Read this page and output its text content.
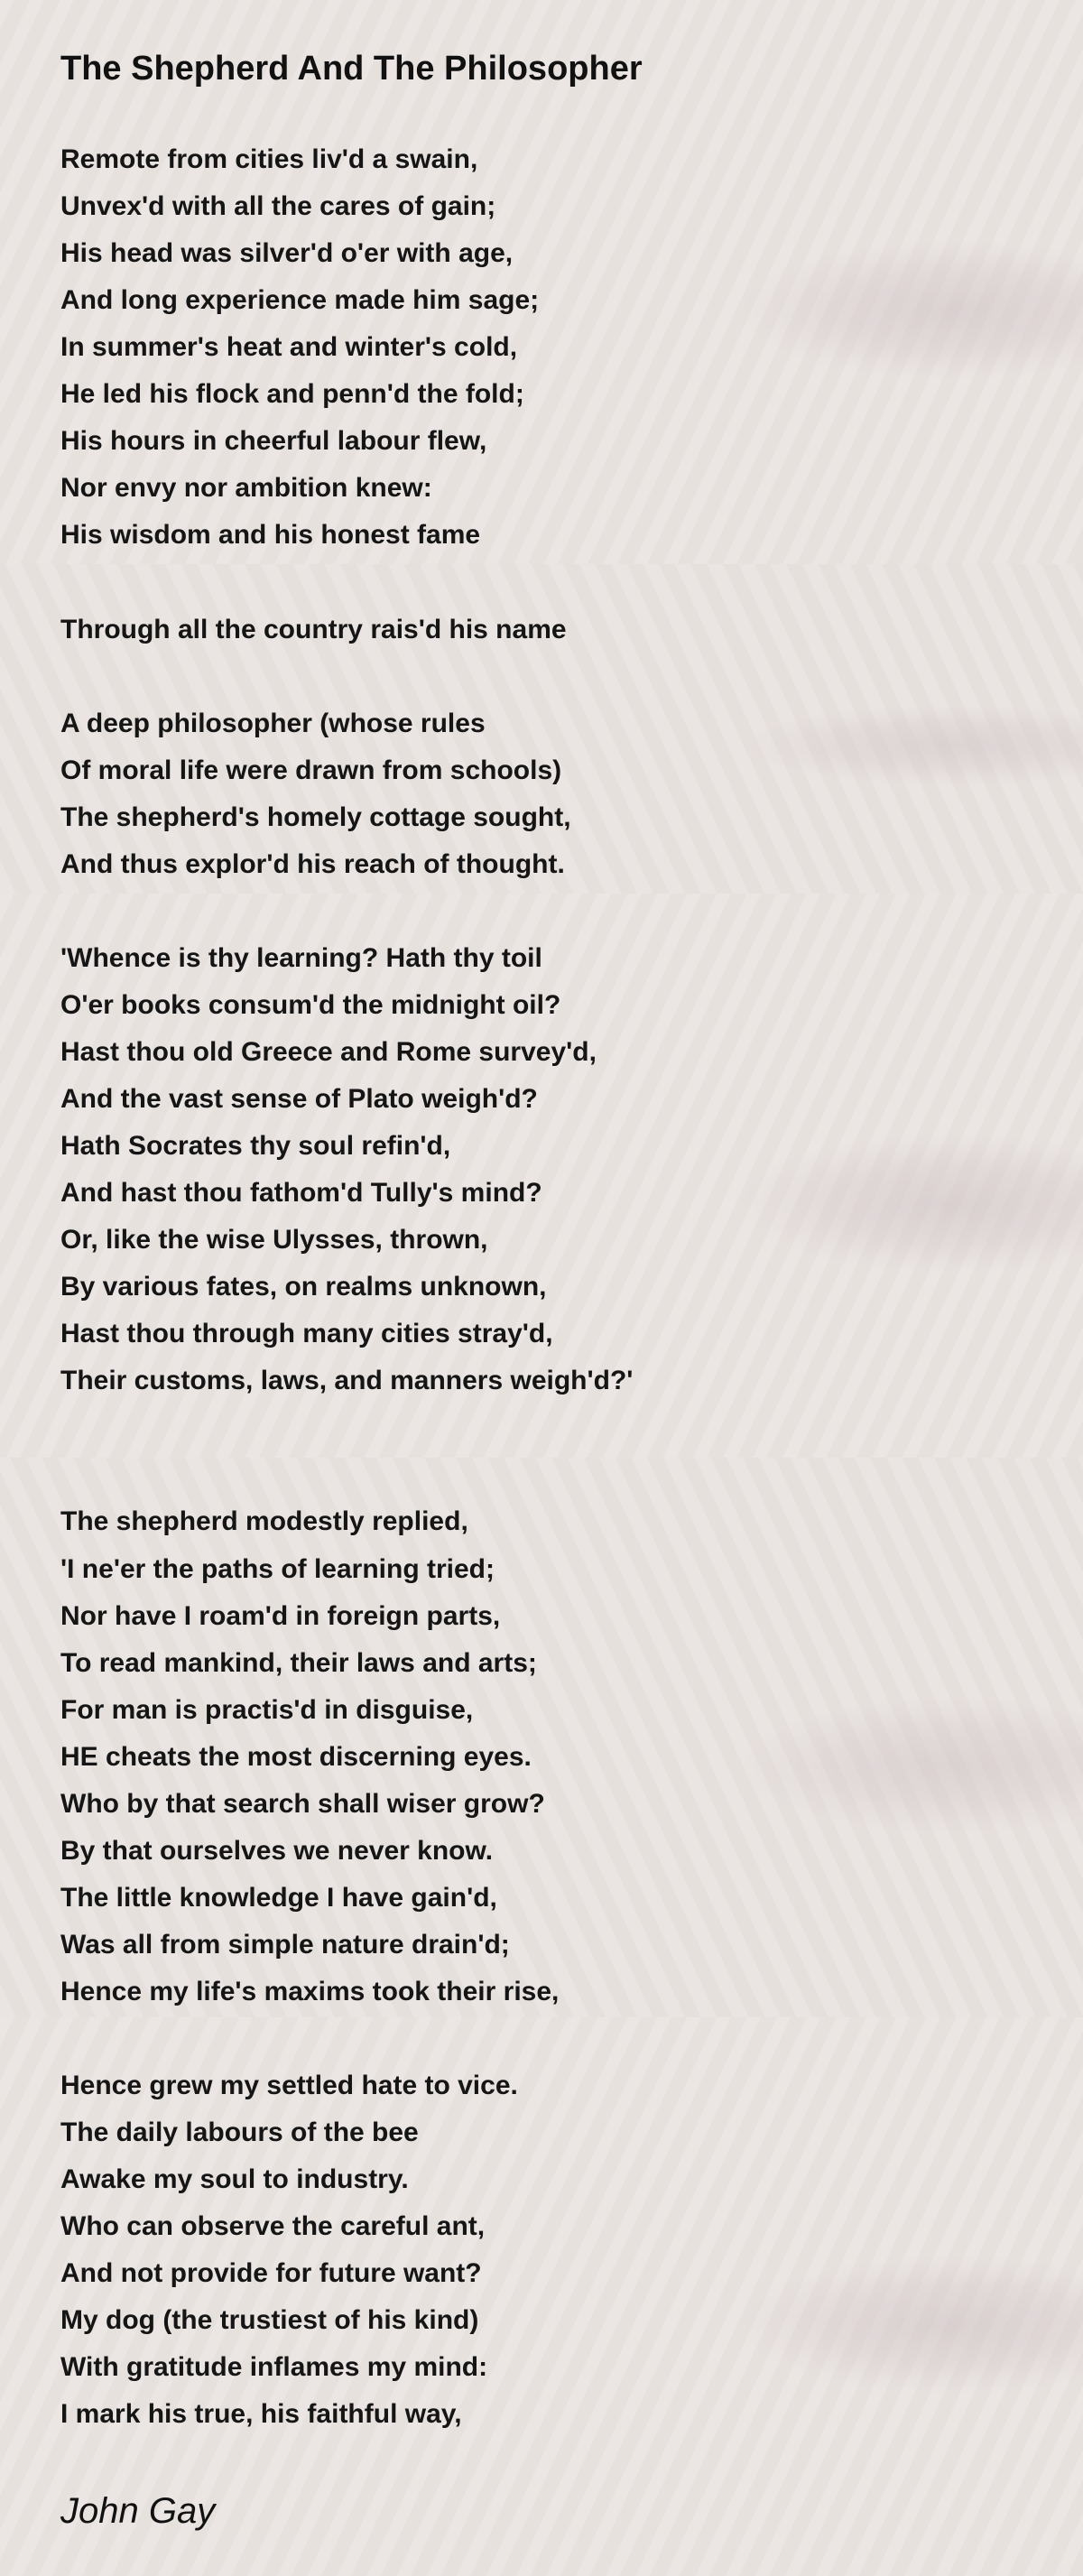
The Shepherd And The Philosopher

Remote from cities liv'd a swain,

Unvex'd with all the cares of gain;

His head was silver'd o'er with age,

And long experience made him sage;

In summer's heat and winter's cold,

He led his flock and penn'd the fold;

His hours in cheerful labour flew,

Nor envy nor ambition knew:

His wisdom and his honest fame

Through all the country rais'd his name

A deep philosopher (whose rules

Of moral life were drawn from schools)

The shepherd's homely cottage sought,

And thus explor'd his reach of thought.

'Whence is thy learning? Hath thy toil

O'er books consum'd the midnight oil?

Hast thou old Greece and Rome survey'd,

And the vast sense of Plato weigh'd?

Hath Socrates thy soul refin'd,

And hast thou fathom'd Tully's mind?

Or, like the wise Ulysses, thrown,

By various fates, on realms unknown,

Hast thou through many cities stray'd,

Their customs, laws, and manners weigh'd?'

The shepherd modestly replied,

'I ne'er the paths of learning tried;

Nor have I roam'd in foreign parts,

To read mankind, their laws and arts;

For man is practis'd in disguise,

HE cheats the most discerning eyes.

Who by that search shall wiser grow?

By that ourselves we never know.

The little knowledge I have gain'd,

Was all from simple nature drain'd;

Hence my life's maxims took their rise,

Hence grew my settled hate to vice.

The daily labours of the bee

Awake my soul to industry.

Who can observe the careful ant,

And not provide for future want?

My dog (the trustiest of his kind)

With gratitude inflames my mind:

I mark his true, his faithful way,

John Gay
